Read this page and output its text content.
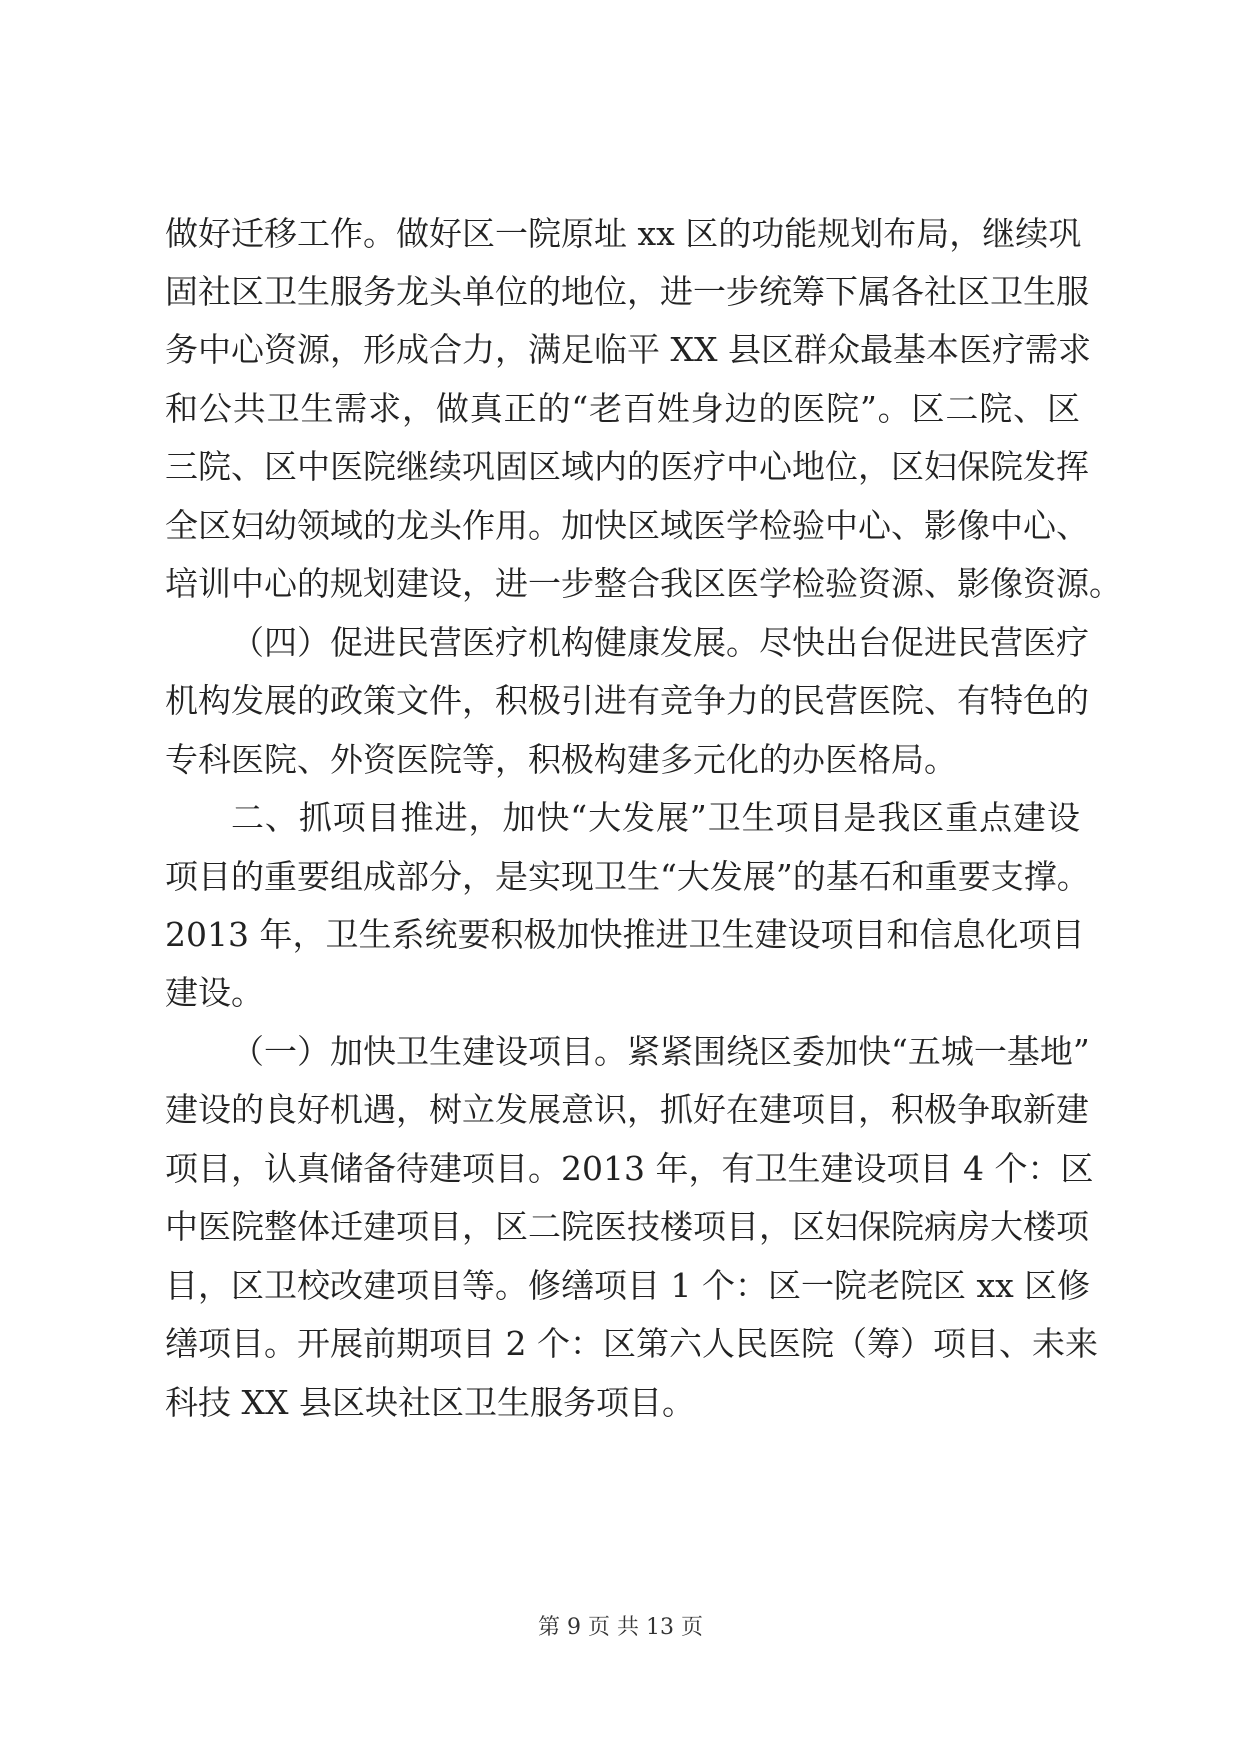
做好迁移工作。做好区一院原址 xx 区的功能规划布局，继续巩
固社区卫生服务龙头单位的地位，进一步统筹下属各社区卫生服
务中心资源，形成合力，满足临平 XX 县区群众最基本医疗需求
和公共卫生需求，做真正的“老百姓身边的医院”。区二院、区
三院、区中医院继续巩固区域内的医疗中心地位，区妇保院发挥
全区妇幼领域的龙头作用。加快区域医学检验中心、影像中心、
培训中心的规划建设，进一步整合我区医学检验资源、影像资源。
（四）促进民营医疗机构健康发展。尽快出台促进民营医疗
机构发展的政策文件，积极引进有竞争力的民营医院、有特色的
专科医院、外资医院等，积极构建多元化的办医格局。
二、抓项目推进，加快“大发展”卫生项目是我区重点建设
项目的重要组成部分，是实现卫生“大发展”的基石和重要支撑。
2013 年，卫生系统要积极加快推进卫生建设项目和信息化项目
建设。
（一）加快卫生建设项目。紧紧围绕区委加快“五城一基地”
建设的良好机遇，树立发展意识，抓好在建项目，积极争取新建
项目，认真储备待建项目。2013 年，有卫生建设项目 4 个：区
中医院整体迁建项目，区二院医技楼项目，区妇保院病房大楼项
目，区卫校改建项目等。修缮项目 1 个：区一院老院区 xx 区修
缮项目。开展前期项目 2 个：区第六人民医院（筹）项目、未来
科技 XX 县区块社区卫生服务项目。
第 9 页 共 13 页
